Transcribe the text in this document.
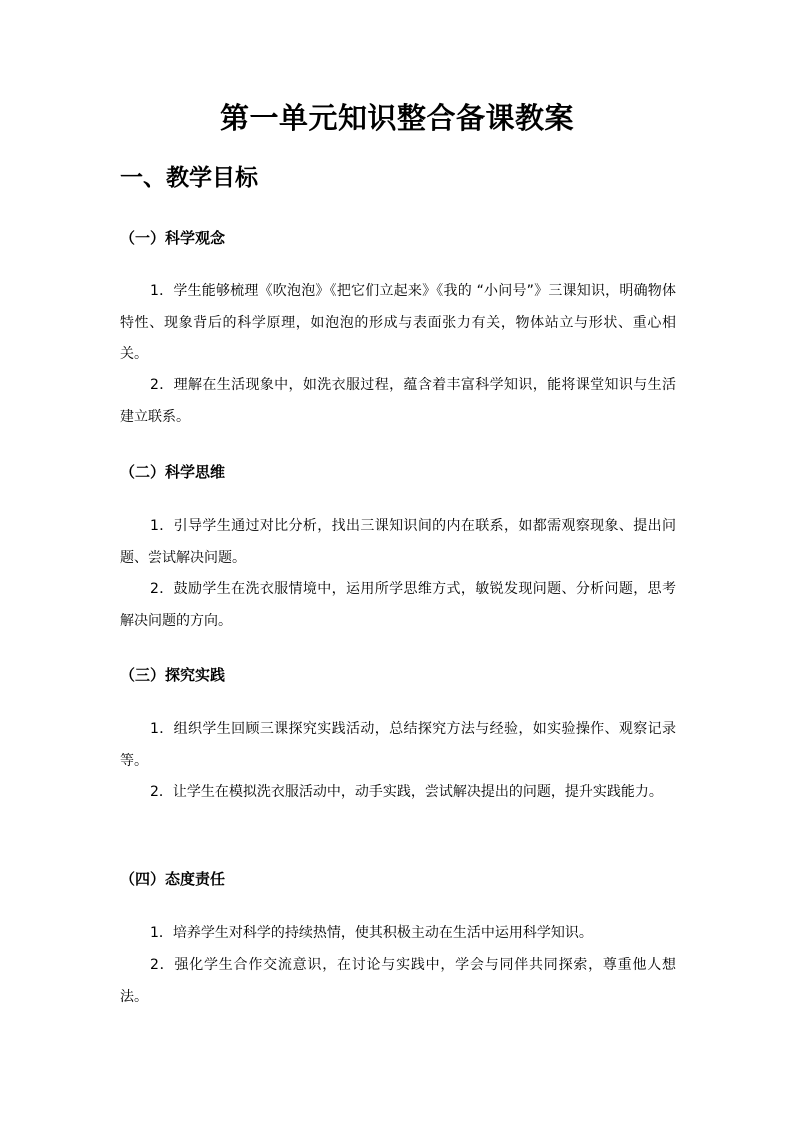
第一单元知识整合备课教案
一、教学目标
（一）科学观念

1．学生能够梳理《吹泡泡》《把它们立起来》《我的 “小问号”》三课知识，明确物体特性、现象背后的科学原理，如泡泡的形成与表面张力有关，物体站立与形状、重心相关。

2．理解在生活现象中，如洗衣服过程，蕴含着丰富科学知识，能将课堂知识与生活建立联系。

（二）科学思维

1．引导学生通过对比分析，找出三课知识间的内在联系，如都需观察现象、提出问题、尝试解决问题。

2．鼓励学生在洗衣服情境中，运用所学思维方式，敏锐发现问题、分析问题，思考解决问题的方向。

（三）探究实践

1．组织学生回顾三课探究实践活动，总结探究方法与经验，如实验操作、观察记录等。

2．让学生在模拟洗衣服活动中，动手实践，尝试解决提出的问题，提升实践能力。

（四）态度责任

1．培养学生对科学的持续热情，使其积极主动在生活中运用科学知识。

2．强化学生合作交流意识，在讨论与实践中，学会与同伴共同探索，尊重他人想法。
